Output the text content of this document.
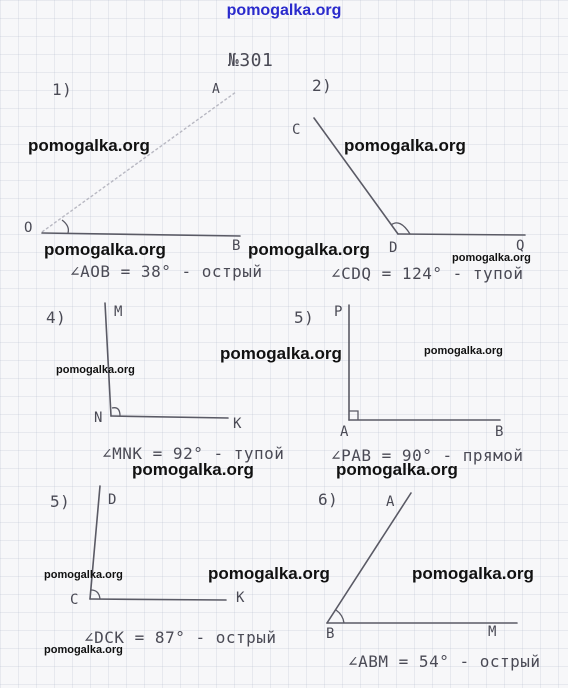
pomogalka.org
№301
1)	A
O
B
∠AOB = 38° - острый
2)
C
D	Q
∠CDQ = 124° - тупой
4)	M
N	K
∠MNK = 92° - тупой
5) P
A	B
∠PAB = 90° - прямой
5)	D
C	K
∠DCK = 87° - острый
6)	A
B	M
∠ABM = 54° - острый
pomogalka.org	pomogalka.org
pomogalka.org	pomogalka.org	pomogalka.org
pomogalka.org	pomogalka.org
pomogalka.org
pomogalka.org	pomogalka.org
pomogalka.org	pomogalka.org	pomogalka.org
pomogalka.org
